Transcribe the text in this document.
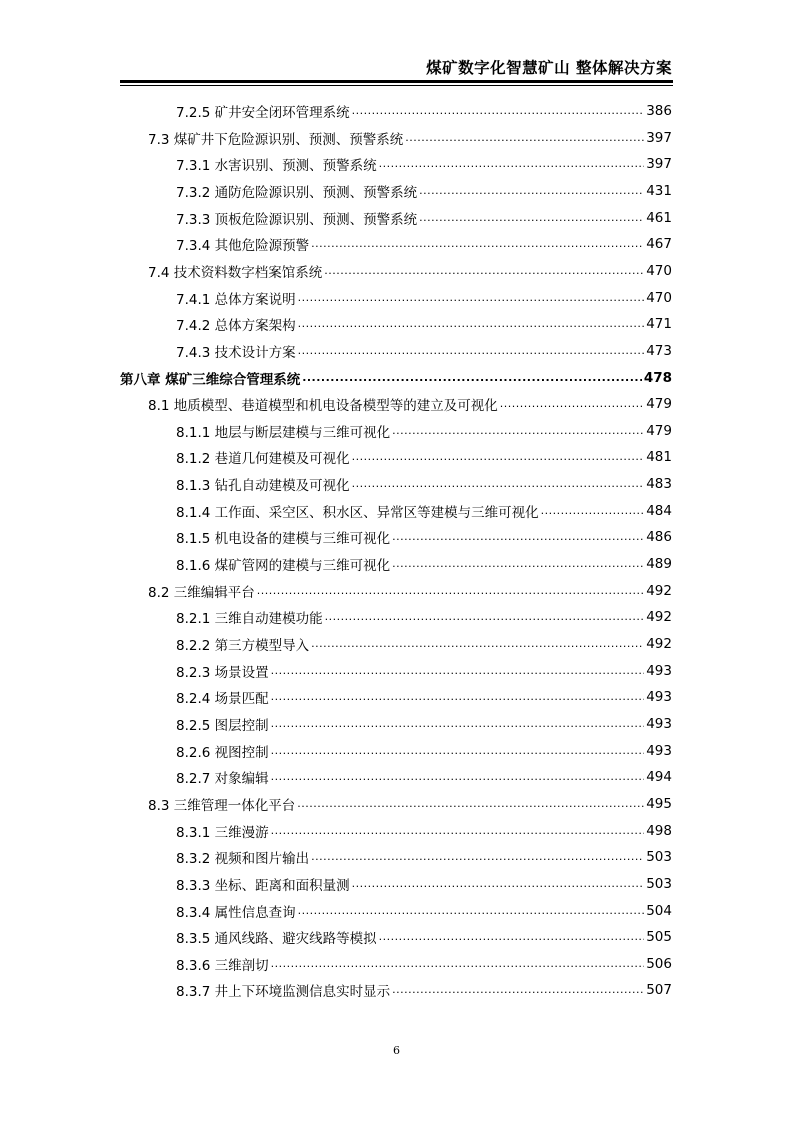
煤矿数字化智慧矿山 整体解决方案
7.2.5 矿井安全闭环管理系统 .....	386
7.3 煤矿井下危险源识别、预测、预警系统 .....	397
7.3.1 水害识别、预测、预警系统 .....	397
7.3.2 通防危险源识别、预测、预警系统 .....	431
7.3.3 顶板危险源识别、预测、预警系统 .....	461
7.3.4 其他危险源预警 .....	467
7.4 技术资料数字档案馆系统 .....	470
7.4.1 总体方案说明 .....	470
7.4.2 总体方案架构 .....	471
7.4.3 技术设计方案 .....	473
第八章 煤矿三维综合管理系统 .....	478
8.1 地质模型、巷道模型和机电设备模型等的建立及可视化 .....	479
8.1.1 地层与断层建模与三维可视化 .....	479
8.1.2 巷道几何建模及可视化 .....	481
8.1.3 钻孔自动建模及可视化 .....	483
8.1.4 工作面、采空区、积水区、异常区等建模与三维可视化 .....	484
8.1.5 机电设备的建模与三维可视化 .....	486
8.1.6 煤矿管网的建模与三维可视化 .....	489
8.2 三维编辑平台 .....	492
8.2.1 三维自动建模功能 .....	492
8.2.2 第三方模型导入 .....	492
8.2.3 场景设置 .....	493
8.2.4 场景匹配 .....	493
8.2.5 图层控制 .....	493
8.2.6 视图控制 .....	493
8.2.7 对象编辑 .....	494
8.3 三维管理一体化平台 .....	495
8.3.1 三维漫游 .....	498
8.3.2 视频和图片输出 .....	503
8.3.3 坐标、距离和面积量测 .....	503
8.3.4 属性信息查询 .....	504
8.3.5 通风线路、避灾线路等模拟 .....	505
8.3.6 三维剖切 .....	506
8.3.7 井上下环境监测信息实时显示 .....	507
6
